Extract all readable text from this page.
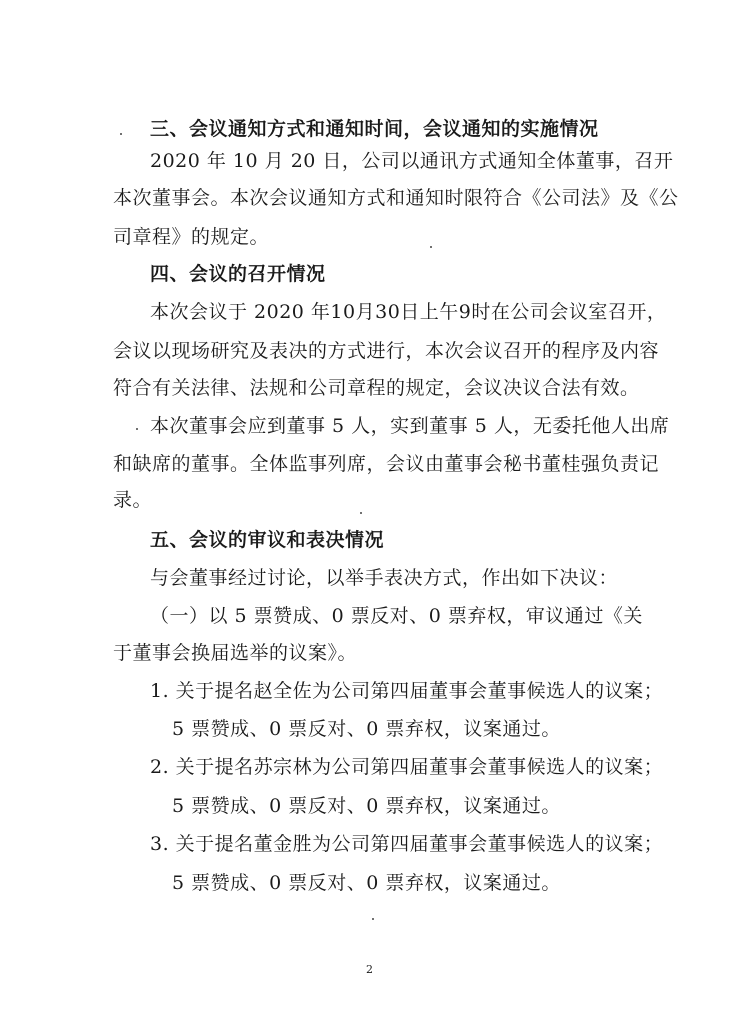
三、会议通知方式和通知时间，会议通知的实施情况
2020 年 10 月 20 日，公司以通讯方式通知全体董事，召开
本次董事会。本次会议通知方式和通知时限符合《公司法》及《公
司章程》的规定。
四、会议的召开情况
本次会议于 2020 年10月30日上午9时在公司会议室召开，
会议以现场研究及表决的方式进行，本次会议召开的程序及内容
符合有关法律、法规和公司章程的规定，会议决议合法有效。
本次董事会应到董事 5 人，实到董事 5 人，无委托他人出席
和缺席的董事。全体监事列席，会议由董事会秘书董桂强负责记
录。
五、会议的审议和表决情况
与会董事经过讨论，以举手表决方式，作出如下决议：
（一）以 5 票赞成、0 票反对、0 票弃权，审议通过《关
于董事会换届选举的议案》。
1. 关于提名赵全佐为公司第四届董事会董事候选人的议案；
5 票赞成、0 票反对、0 票弃权，议案通过。
2. 关于提名苏宗林为公司第四届董事会董事候选人的议案；
5 票赞成、0 票反对、0 票弃权，议案通过。
3. 关于提名董金胜为公司第四届董事会董事候选人的议案；
5 票赞成、0 票反对、0 票弃权，议案通过。
2
